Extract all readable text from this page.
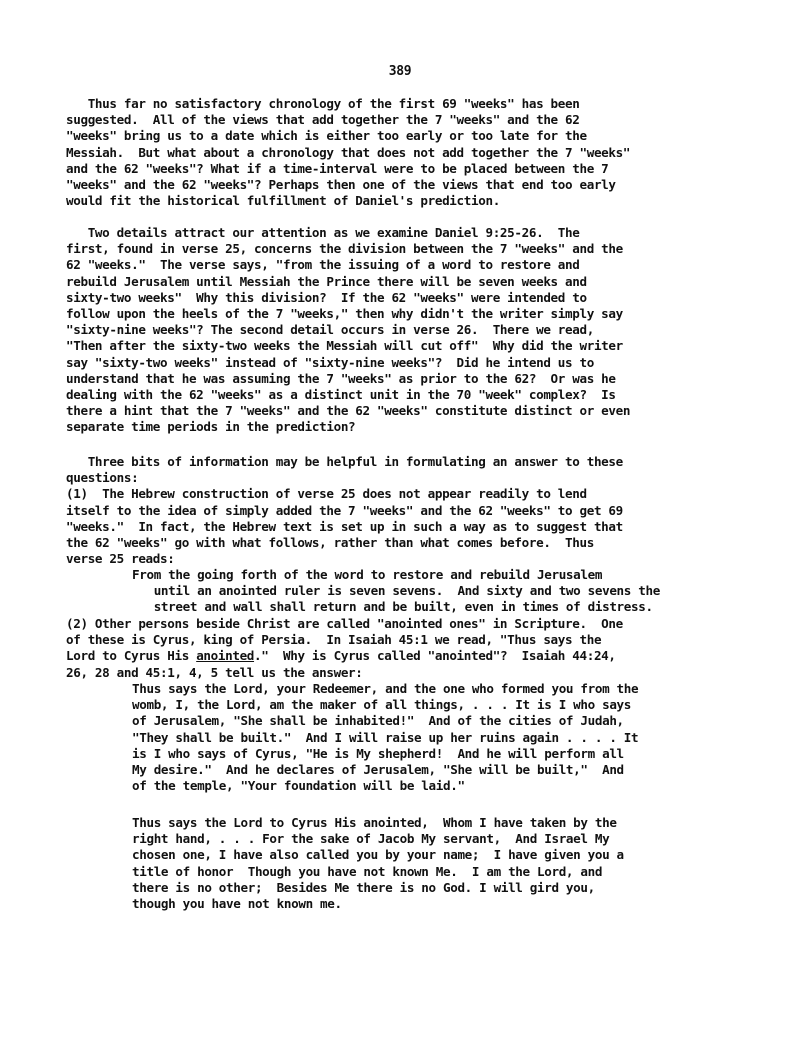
389
Thus far no satisfactory chronology of the first 69 "weeks" has been
suggested.  All of the views that add together the 7 "weeks" and the 62
"weeks" bring us to a date which is either too early or too late for the
Messiah.  But what about a chronology that does not add together the 7 "weeks"
and the 62 "weeks"? What if a time-interval were to be placed between the 7
"weeks" and the 62 "weeks"? Perhaps then one of the views that end too early
would fit the historical fulfillment of Daniel's prediction.
Two details attract our attention as we examine Daniel 9:25-26.  The
first, found in verse 25, concerns the division between the 7 "weeks" and the
62 "weeks."  The verse says, "from the issuing of a word to restore and
rebuild Jerusalem until Messiah the Prince there will be seven weeks and
sixty-two weeks"  Why this division?  If the 62 "weeks" were intended to
follow upon the heels of the 7 "weeks," then why didn't the writer simply say
"sixty-nine weeks"? The second detail occurs in verse 26.  There we read,
"Then after the sixty-two weeks the Messiah will cut off"  Why did the writer
say "sixty-two weeks" instead of "sixty-nine weeks"?  Did he intend us to
understand that he was assuming the 7 "weeks" as prior to the 62?  Or was he
dealing with the 62 "weeks" as a distinct unit in the 70 "week" complex?  Is
there a hint that the 7 "weeks" and the 62 "weeks" constitute distinct or even
separate time periods in the prediction?
Three bits of information may be helpful in formulating an answer to these
questions:
(1)  The Hebrew construction of verse 25 does not appear readily to lend
itself to the idea of simply added the 7 "weeks" and the 62 "weeks" to get 69
"weeks."  In fact, the Hebrew text is set up in such a way as to suggest that
the 62 "weeks" go with what follows, rather than what comes before.  Thus
verse 25 reads:
From the going forth of the word to restore and rebuild Jerusalem
until an anointed ruler is seven sevens.  And sixty and two sevens the
street and wall shall return and be built, even in times of distress.
(2) Other persons beside Christ are called "anointed ones" in Scripture.  One
of these is Cyrus, king of Persia.  In Isaiah 45:1 we read, "Thus says the
Lord to Cyrus His anointed."  Why is Cyrus called "anointed"?  Isaiah 44:24,
26, 28 and 45:1, 4, 5 tell us the answer:
Thus says the Lord, your Redeemer, and the one who formed you from the
womb, I, the Lord, am the maker of all things, . . . It is I who says
of Jerusalem, "She shall be inhabited!"  And of the cities of Judah,
"They shall be built."  And I will raise up her ruins again . . . . It
is I who says of Cyrus, "He is My shepherd!  And he will perform all
My desire."  And he declares of Jerusalem, "She will be built,"  And
of the temple, "Your foundation will be laid."
Thus says the Lord to Cyrus His anointed,  Whom I have taken by the
right hand, . . . For the sake of Jacob My servant,  And Israel My
chosen one, I have also called you by your name;  I have given you a
title of honor  Though you have not known Me.  I am the Lord, and
there is no other;  Besides Me there is no God. I will gird you,
though you have not known me.
